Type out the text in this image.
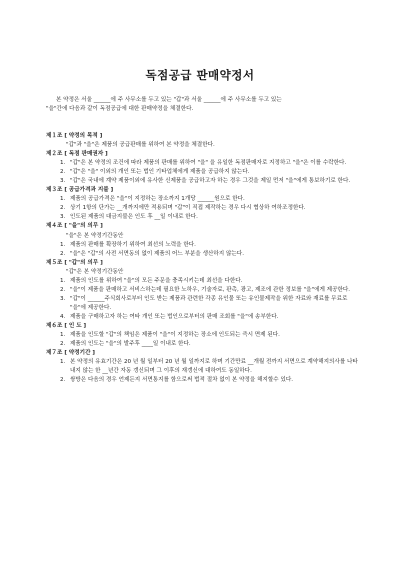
독점공급 판매약정서

본 약정은 서울 ______에 주 사무소를 두고 있는 "갑"과 서울 ______에 주 사무소를 두고 있는

"을"간에 다음과 같이 독점공급에 대한 판매약정을 체결한다.

제１조 [ 약정의 목적 ]
"갑"과 "을"은 제품의 공급판매를 위하여 본 약정을 체결한다.
제２조 [ 독점 판매권자 ]
1. "갑"은 본 약정의 조건에 따라 제품의 판매를 위하여 "을" 을 유일한 독점판매자로 지정하고 "을"은 이를 수락한다.
2. "갑"은 "을" 이외의 개인 또는 법인 기타업체에게 제품을 공급하지 않는다.
3. "갑"은 국내에 계약 제품이외에 유사한 신제품을 공급하고자 하는 경우 그것을 제일 먼저 "을"에게 통보하기로 한다.
제３조 [ 공급가격과 지불 ]
1. 제품의 공급가격은 "을"이 지정하는 장소까지 1개당 ______원으로 한다.
2. 상기 1항의 단가는 __개까지에만 적용되며 "갑"이 직접 제작하는 경우 다시 협상하 여하조정한다.
3. 인도된 제품의 대금지불은 인도 후 __일 이내로 한다.
제４조 [ "을"의 의무 ]
"을"은 본 약정기간동안
1. 제품의 판매를 확장하기 위하여 최선의 노력을 한다.
2. "을"은 "갑"의 사전 서면동의 없이 제품의 어느 부분을 생산하지 않는다.
제５조 [ "갑"의 의무 ]
"갑"은 본 약정기간동안
1. 제품의 인도를 위하여 "을"의 모든 주문을 충족시키는데 최선을 다한다.
2. "을"이 제품을 판매하고 서비스하는데 필요한 노하우, 기술자료, 판촉, 광고, 제조에 관한 정보를 "을"에게 제공한다.
3. "갑"이 ______주식회사로부터 인도 받는 제품과 관련한 각종 유인물 또는 유인물제작을 위한 자료와 재료를 무료로 "을"에 제공한다.
4. 제품을 구매하고자 하는 여타 개인 또는 법인으로부터의 판매 조회를 "을"에 송부한다.
제６조 [ 인 도 ]
1. 제품을 인도할 "갑"의 책임은 제품이 "을"이 지정하는 장소에 인도되는 즉시 면제 된다.
2. 제품의 인도는 "을"의 발주후 ____일 이내로 한다.
제７조 [ 약정기간 ]
1. 본 약정의 유효기간은 20 년 월 일부터 20 년 월 일까지로 하며 기간만료 __개월 전까지 서면으로 계약해지의사를 나타내지 않는 한 __년간 자동 갱신되며 그 이후의 재갱신에 대하여도 동일하다.
2. 쌍방은 다음의 경우 언제든지 서면통지를 함으로써 법적 절차 없이 본 약정을 해지할수 있다.
